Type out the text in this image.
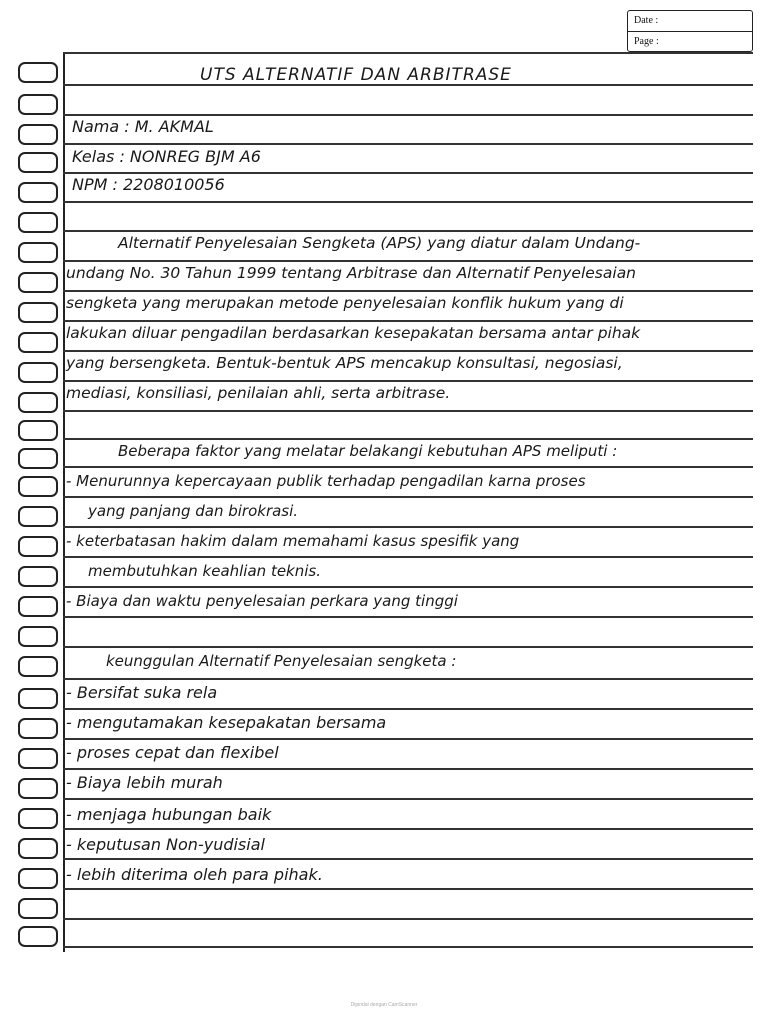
Date :
Page :
UTS ALTERNATIF DAN ARBITRASE
Nama : M. AKMAL
Kelas : NONREG BJM A6
NPM : 2208010056
Alternatif Penyelesaian Sengketa (APS) yang diatur dalam Undang-
undang No. 30 Tahun 1999 tentang Arbitrase dan Alternatif Penyelesaian
sengketa yang merupakan metode penyelesaian konflik hukum yang di
lakukan diluar pengadilan berdasarkan kesepakatan bersama antar pihak
yang bersengketa. Bentuk-bentuk APS mencakup konsultasi, negosiasi,
mediasi, konsiliasi, penilaian ahli, serta arbitrase.
Beberapa faktor yang melatar belakangi kebutuhan APS meliputi :
- Menurunnya kepercayaan publik terhadap pengadilan karna proses
yang panjang dan birokrasi.
- keterbatasan hakim dalam memahami kasus spesifik yang
membutuhkan keahlian teknis.
- Biaya dan waktu penyelesaian perkara yang tinggi
keunggulan Alternatif Penyelesaian sengketa :
- Bersifat suka rela
- mengutamakan kesepakatan bersama
- proses cepat dan flexibel
- Biaya lebih murah
- menjaga hubungan baik
- keputusan Non-yudisial
- lebih diterima oleh para pihak.
Dipindai dengan CamScanner
